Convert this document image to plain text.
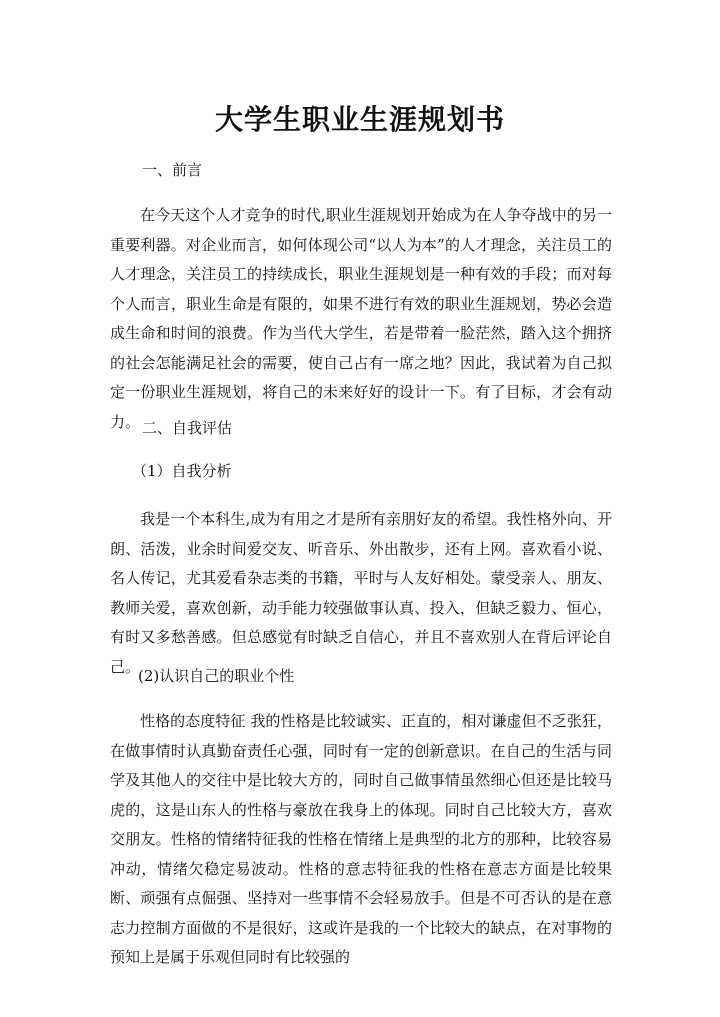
大学生职业生涯规划书
一、前言
在今天这个人才竞争的时代,职业生涯规划开始成为在人争夺战中的另一重要利器。对企业而言，如何体现公司“以人为本”的人才理念，关注员工的人才理念，关注员工的持续成长，职业生涯规划是一种有效的手段；而对每个人而言，职业生命是有限的，如果不进行有效的职业生涯规划，势必会造成生命和时间的浪费。作为当代大学生，若是带着一脸茫然，踏入这个拥挤的社会怎能满足社会的需要，使自己占有一席之地？因此，我试着为自己拟定一份职业生涯规划，将自己的未来好好的设计一下。有了目标，才会有动力。 二、自我评估
（1）自我分析
我是一个本科生,成为有用之才是所有亲朋好友的希望。我性格外向、开朗、活泼，业余时间爱交友、听音乐、外出散步，还有上网。喜欢看小说、名人传记，尤其爱看杂志类的书籍，平时与人友好相处。蒙受亲人、朋友、教师关爱，喜欢创新，动手能力较强做事认真、投入，但缺乏毅力、恒心，有时又多愁善感。但总感觉有时缺乏自信心，并且不喜欢别人在背后评论自己。
(2)认识自己的职业个性
性格的态度特征 我的性格是比较诚实、正直的，相对谦虚但不乏张狂，在做事情时认真勤奋责任心强，同时有一定的创新意识。在自己的生活与同学及其他人的交往中是比较大方的，同时自己做事情虽然细心但还是比较马虎的，这是山东人的性格与豪放在我身上的体现。同时自己比较大方，喜欢交朋友。性格的情绪特征我的性格在情绪上是典型的北方的那种，比较容易冲动，情绪欠稳定易波动。性格的意志特征我的性格在意志方面是比较果断、顽强有点倔强、坚持对一些事情不会轻易放手。但是不可否认的是在意志力控制方面做的不是很好，这或许是我的一个比较大的缺点，在对事物的预知上是属于乐观但同时有比较强的
